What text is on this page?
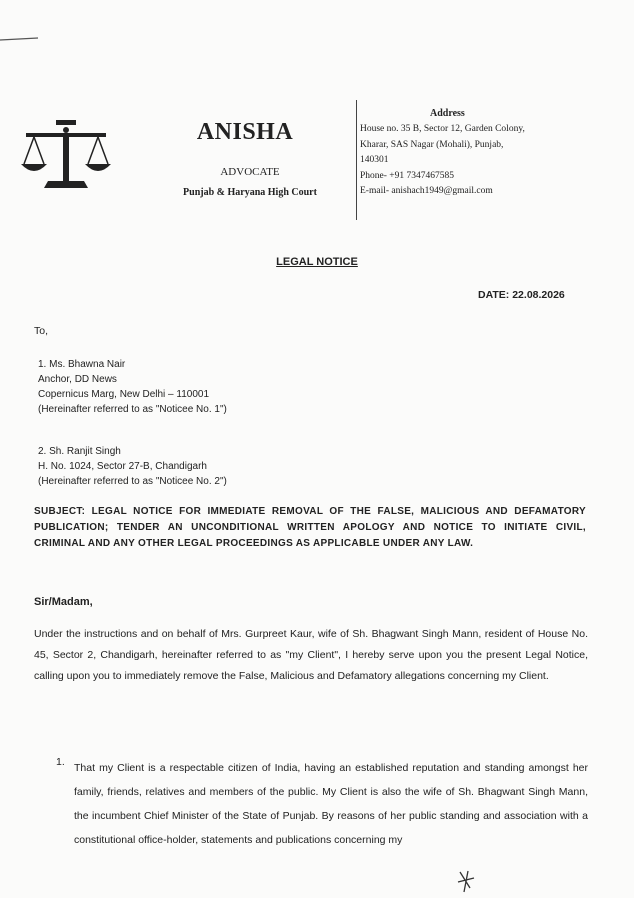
ANISHA
ADVOCATE
Punjab & Haryana High Court
Address
House no. 35 B, Sector 12, Garden Colony,
Kharar, SAS Nagar (Mohali), Punjab,
140301
Phone- +91 7347467585
E-mail- anishach1949@gmail.com
LEGAL NOTICE
DATE: 22.08.2026
To,
1. Ms. Bhawna Nair
Anchor, DD News
Copernicus Marg, New Delhi – 110001
(Hereinafter referred to as "Noticee No. 1")
2. Sh. Ranjit Singh
H. No. 1024, Sector 27-B, Chandigarh
(Hereinafter referred to as "Noticee No. 2")
SUBJECT: LEGAL NOTICE FOR IMMEDIATE REMOVAL OF THE FALSE, MALICIOUS AND DEFAMATORY PUBLICATION; TENDER AN UNCONDITIONAL WRITTEN APOLOGY AND NOTICE TO INITIATE CIVIL, CRIMINAL AND ANY OTHER LEGAL PROCEEDINGS AS APPLICABLE UNDER ANY LAW.
Sir/Madam,
Under the instructions and on behalf of Mrs. Gurpreet Kaur, wife of Sh. Bhagwant Singh Mann, resident of House No. 45, Sector 2, Chandigarh, hereinafter referred to as "my Client", I hereby serve upon you the present Legal Notice, calling upon you to immediately remove the False, Malicious and Defamatory allegations concerning my Client.
1. That my Client is a respectable citizen of India, having an established reputation and standing amongst her family, friends, relatives and members of the public. My Client is also the wife of Sh. Bhagwant Singh Mann, the incumbent Chief Minister of the State of Punjab. By reasons of her public standing and association with a constitutional office-holder, statements and publications concerning my
